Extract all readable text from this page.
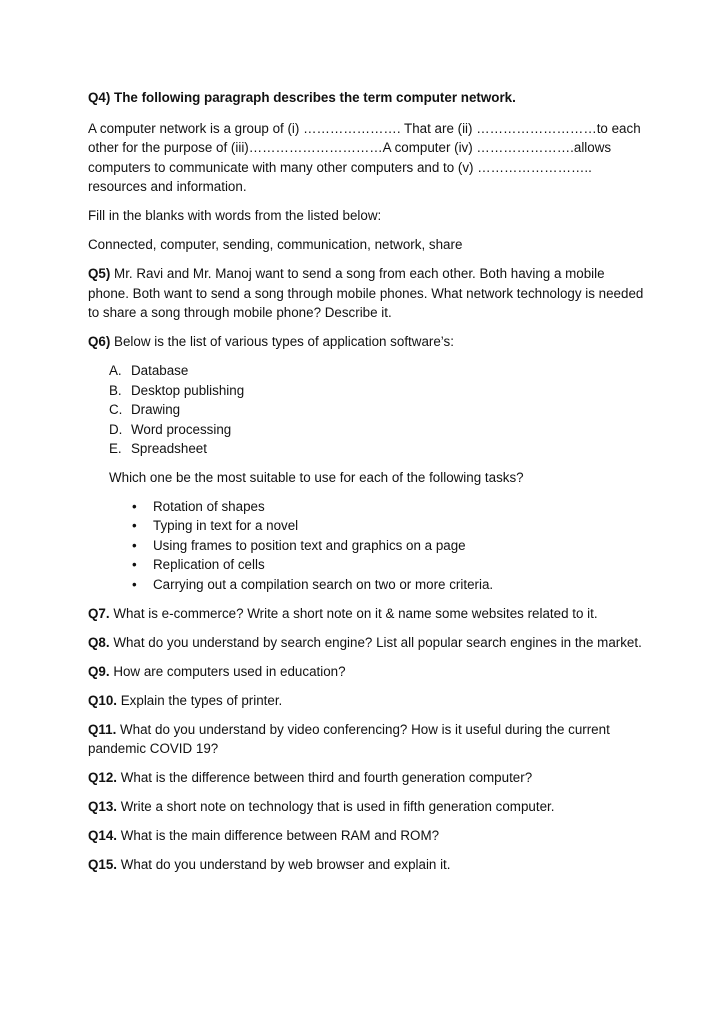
Q4) The following paragraph describes the term computer network.

A computer network is a group of (i) …………………. That are (ii) ………………………to each other for the purpose of (iii)…………………………A computer (iv) ………………….allows computers to communicate with many other computers and to (v) …………………….. resources and information.

Fill in the blanks with words from the listed below:

Connected, computer, sending, communication, network, share

Q5) Mr. Ravi and Mr. Manoj want to send a song from each other. Both having a mobile phone. Both want to send a song through mobile phones. What network technology is needed to share a song through mobile phone? Describe it.

Q6) Below is the list of various types of application software’s:

A. Database
B. Desktop publishing
C. Drawing
D. Word processing
E. Spreadsheet

Which one be the most suitable to use for each of the following tasks?

• Rotation of shapes
• Typing in text for a novel
• Using frames to position text and graphics on a page
• Replication of cells
• Carrying out a compilation search on two or more criteria.

Q7. What is e-commerce? Write a short note on it & name some websites related to it.

Q8. What do you understand by search engine? List all popular search engines in the market.

Q9. How are computers used in education?

Q10. Explain the types of printer.

Q11. What do you understand by video conferencing? How is it useful during the current pandemic COVID 19?

Q12. What is the difference between third and fourth generation computer?

Q13. Write a short note on technology that is used in fifth generation computer.

Q14. What is the main difference between RAM and ROM?

Q15. What do you understand by web browser and explain it.
